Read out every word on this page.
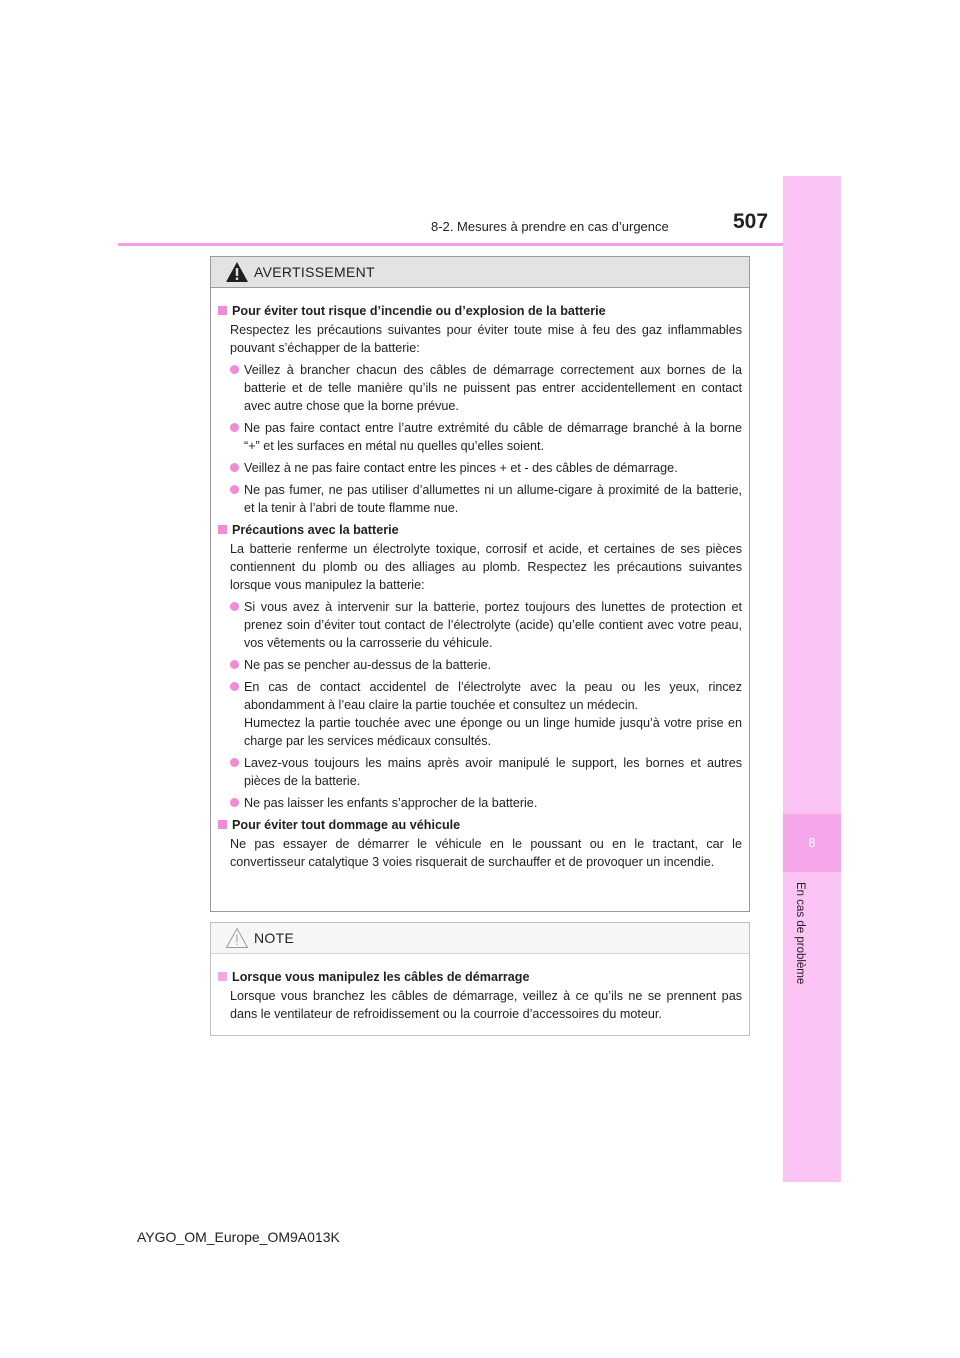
8-2. Mesures à prendre en cas d’urgence	507
8
En cas de problème
AVERTISSEMENT
Pour éviter tout risque d’incendie ou d’explosion de la batterie
Respectez les précautions suivantes pour éviter toute mise à feu des gaz inflammables pouvant s’échapper de la batterie:
Veillez à brancher chacun des câbles de démarrage correctement aux bornes de la batterie et de telle manière qu’ils ne puissent pas entrer accidentellement en contact avec autre chose que la borne prévue.
Ne pas faire contact entre l’autre extrémité du câble de démarrage branché à la borne “+” et les surfaces en métal nu quelles qu’elles soient.
Veillez à ne pas faire contact entre les pinces + et - des câbles de démarrage.
Ne pas fumer, ne pas utiliser d’allumettes ni un allume-cigare à proximité de la batterie, et la tenir à l’abri de toute flamme nue.
Précautions avec la batterie
La batterie renferme un électrolyte toxique, corrosif et acide, et certaines de ses pièces contiennent du plomb ou des alliages au plomb. Respectez les précautions suivantes lorsque vous manipulez la batterie:
Si vous avez à intervenir sur la batterie, portez toujours des lunettes de protection et prenez soin d’éviter tout contact de l’électrolyte (acide) qu’elle contient avec votre peau, vos vêtements ou la carrosserie du véhicule.
Ne pas se pencher au-dessus de la batterie.
En cas de contact accidentel de l’électrolyte avec la peau ou les yeux, rincez abondamment à l’eau claire la partie touchée et consultez un médecin.
Humectez la partie touchée avec une éponge ou un linge humide jusqu’à votre prise en charge par les services médicaux consultés.
Lavez-vous toujours les mains après avoir manipulé le support, les bornes et autres pièces de la batterie.
Ne pas laisser les enfants s’approcher de la batterie.
Pour éviter tout dommage au véhicule
Ne pas essayer de démarrer le véhicule en le poussant ou en le tractant, car le convertisseur catalytique 3 voies risquerait de surchauffer et de provoquer un incendie.
NOTE
Lorsque vous manipulez les câbles de démarrage
Lorsque vous branchez les câbles de démarrage, veillez à ce qu’ils ne se prennent pas dans le ventilateur de refroidissement ou la courroie d’accessoires du moteur.
AYGO_OM_Europe_OM9A013K
